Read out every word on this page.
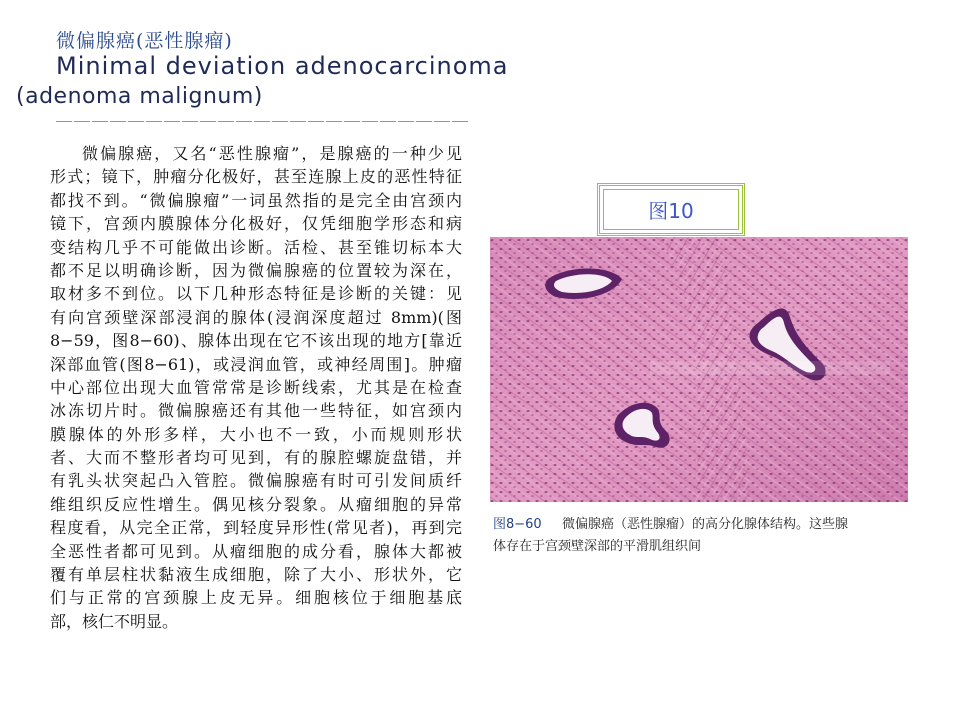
微偏腺癌(恶性腺瘤)
Minimal deviation adenocarcinoma
(adenoma malignum)
微偏腺癌，又名“恶性腺瘤”，是腺癌的一种少见
形式；镜下，肿瘤分化极好，甚至连腺上皮的恶性特征
都找不到。“微偏腺瘤”一词虽然指的是完全由宫颈内
镜下，宫颈内膜腺体分化极好，仅凭细胞学形态和病
变结构几乎不可能做出诊断。活检、甚至锥切标本大
都不足以明确诊断，因为微偏腺癌的位置较为深在，
取材多不到位。以下几种形态特征是诊断的关键：见
有向宫颈壁深部浸润的腺体(浸润深度超过 8mm)(图
8−59，图8−60)、腺体出现在它不该出现的地方[靠近
深部血管(图8−61)，或浸润血管，或神经周围]。肿瘤
中心部位出现大血管常常是诊断线索，尤其是在检查
冰冻切片时。微偏腺癌还有其他一些特征，如宫颈内
膜腺体的外形多样，大小也不一致，小而规则形状
者、大而不整形者均可见到，有的腺腔螺旋盘错，并
有乳头状突起凸入管腔。微偏腺癌有时可引发间质纤
维组织反应性增生。偶见核分裂象。从瘤细胞的异常
程度看，从完全正常，到轻度异形性(常见者)，再到完
全恶性者都可见到。从瘤细胞的成分看，腺体大都被
覆有单层柱状黏液生成细胞，除了大小、形状外，它
们与正常的宫颈腺上皮无异。细胞核位于细胞基底
部，核仁不明显。
图10
图8−60 微偏腺癌（恶性腺瘤）的高分化腺体结构。这些腺
体存在于宫颈壁深部的平滑肌组织间
